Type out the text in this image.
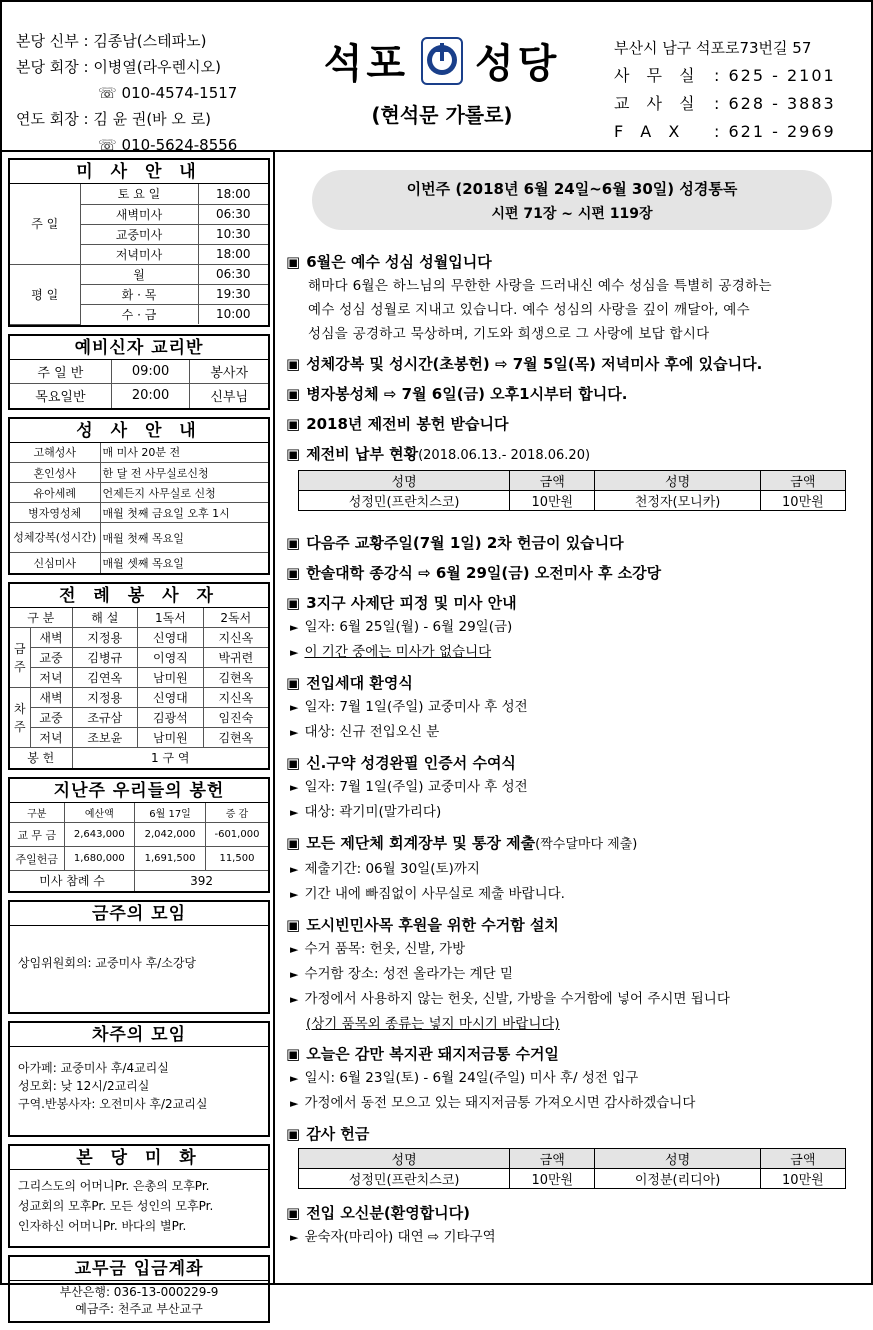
본당 신부 : 김종남(스테파노)
본당 회장 : 이병열(라우렌시오)
☏ 010-4574-1517
연도 회장 : 김 윤 권(바 오 로)
☏ 010-5624-8556
석포 성당
(현석문 가롤로)
부산시 남구 석포로73번길 57
사 무 실 : 625 - 2101
교 사 실 : 628 - 3883
F A X	: 621 - 2969
미 사 안 내
주 일	토 요 일	18:00
	새벽미사	06:30
	교중미사	10:30
	저녁미사	18:00
평 일	월	06:30
	화 · 목	19:30
	수 · 금	10:00
예비신자 교리반
주 일 반	09:00	봉사자
목요일반	20:00	신부님
성 사 안 내
고해성사	매 미사 20분 전
혼인성사	한 달 전 사무실로신청
유아세례	언제든지 사무실로 신청
병자영성체	매월 첫째 금요일 오후 1시
성체강복(성시간)	매월 첫째 목요일
신심미사	매월 셋째 목요일
전 례 봉 사 자
구 분		해 설	1독서	2독서
금주	새벽	지정용	신영대	지신옥
	교중	김병규	이영직	박귀련
	저녁	김연옥	남미원	김현옥
차주	새벽	지정용	신영대	지신옥
	교중	조규삼	김광석	임진숙
	저녁	조보윤	남미원	김현옥
봉 헌		1 구 역		
지난주 우리들의 봉헌
구분	예산액	6월 17일	증 감
교 무 금	2,643,000	2,042,000	-601,000
주일헌금	1,680,000	1,691,500	11,500
미사 참례 수		392	
금주의 모임
상임위원회의: 교중미사 후/소강당
차주의 모임
아가페: 교중미사 후/4교리실
성모회: 낮 12시/2교리실
구역.반봉사자: 오전미사 후/2교리실
본 당 미 화
그리스도의 어머니Pr. 은총의 모후Pr.
성교회의 모후Pr. 모든 성인의 모후Pr.
인자하신 어머니Pr. 바다의 별Pr.
교무금 입금계좌
부산은행: 036-13-000229-9
예금주: 천주교 부산교구
이번주 (2018년 6월 24일~6월 30일) 성경통독
시편 71장 ~ 시편 119장
▣ 6월은 예수 성심 성월입니다
해마다 6월은 하느님의 무한한 사랑을 드러내신 예수 성심을 특별히 공경하는
예수 성심 성월로 지내고 있습니다. 예수 성심의 사랑을 깊이 깨달아, 예수
성심을 공경하고 묵상하며, 기도와 희생으로 그 사랑에 보답 합시다
▣ 성체강복 및 성시간(초봉헌) ⇨ 7월 5일(목) 저녁미사 후에 있습니다.
▣ 병자봉성체 ⇨ 7월 6일(금) 오후1시부터 합니다.
▣ 2018년 제전비 봉헌 받습니다
▣ 제전비 납부 현황(2018.06.13.- 2018.06.20)
성명	금액	성명	금액
성정민(프란치스코)	10만원	천정자(모니카)	10만원
▣ 다음주 교황주일(7월 1일) 2차 헌금이 있습니다
▣ 한솔대학 종강식 ⇨ 6월 29일(금) 오전미사 후 소강당
▣ 3지구 사제단 피정 및 미사 안내
► 일자: 6월 25일(월) - 6월 29일(금)
► 이 기간 중에는 미사가 없습니다
▣ 전입세대 환영식
► 일자: 7월 1일(주일) 교중미사 후 성전
► 대상: 신규 전입오신 분
▣ 신.구약 성경완필 인증서 수여식
► 일자: 7월 1일(주일) 교중미사 후 성전
► 대상: 곽기미(말가리다)
▣ 모든 제단체 회계장부 및 통장 제출(짝수달마다 제출)
► 제출기간: 06월 30일(토)까지
► 기간 내에 빠짐없이 사무실로 제출 바랍니다.
▣ 도시빈민사목 후원을 위한 수거함 설치
► 수거 품목: 헌옷, 신발, 가방
► 수거함 장소: 성전 올라가는 계단 밑
► 가정에서 사용하지 않는 헌옷, 신발, 가방을 수거함에 넣어 주시면 됩니다
(상기 품목외 종류는 넣지 마시기 바랍니다)
▣ 오늘은 감만 복지관 돼지저금통 수거일
► 일시: 6월 23일(토) - 6월 24일(주일) 미사 후/ 성전 입구
► 가정에서 동전 모으고 있는 돼지저금통 가져오시면 감사하겠습니다
▣ 감사 헌금
성명	금액	성명	금액
성정민(프란치스코)	10만원	이정분(리디아)	10만원
▣ 전입 오신분(환영합니다)
► 윤숙자(마리아) 대연 ⇨ 기타구역
